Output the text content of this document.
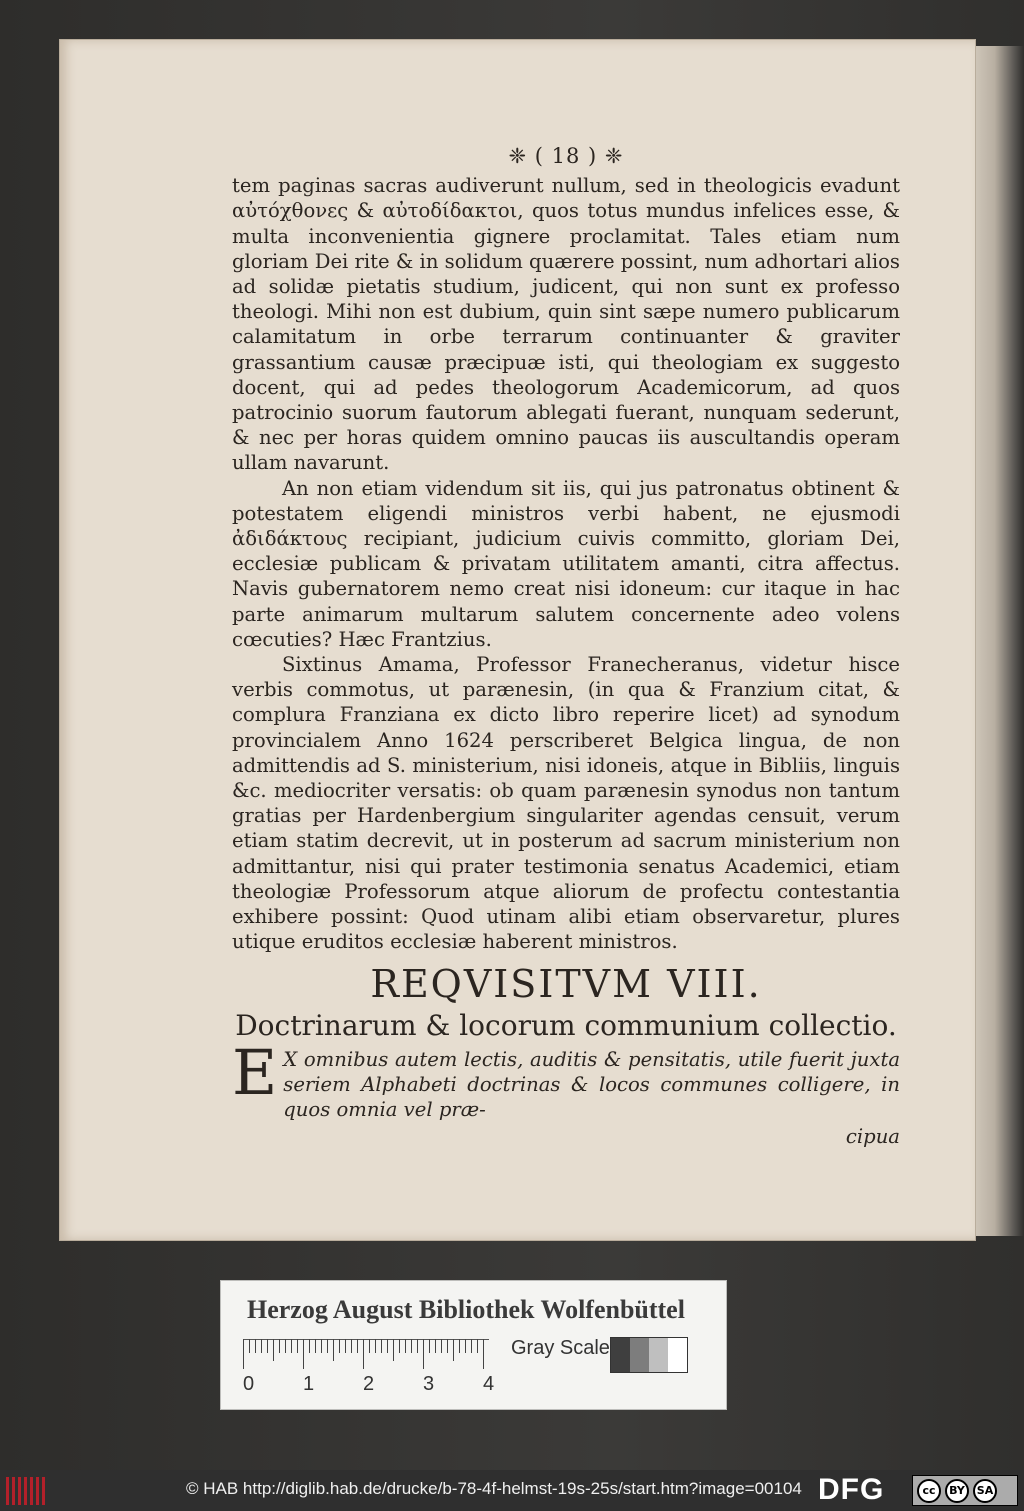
❈ ( 18 ) ❈

tem paginas sacras audiverunt nullum, sed in theologicis evadunt αὐτόχθονες & αὐτοδίδακτοι, quos totus mundus infelices esse, & multa inconvenientia gignere proclamitat. Tales etiam num gloriam Dei rite & in solidum quærere possint, num adhortari alios ad solidæ pietatis studium, judicent, qui non sunt ex professo theologi. Mihi non est dubium, quin sint sæpe numero publicarum calamitatum in orbe terrarum continuanter & graviter grassantium causæ præcipuæ isti, qui theologiam ex suggesto docent, qui ad pedes theologorum Academicorum, ad quos patrocinio suorum fautorum ablegati fuerant, nunquam sederunt, & nec per horas quidem omnino paucas iis auscultandis operam ullam navarunt.

An non etiam videndum sit iis, qui jus patronatus obtinent & potestatem eligendi ministros verbi habent, ne ejusmodi ἀδιδάκτους recipiant, judicium cuivis committo, gloriam Dei, ecclesiæ publicam & privatam utilitatem amanti, citra affectus. Navis gubernatorem nemo creat nisi idoneum: cur itaque in hac parte animarum multarum salutem concernente adeo volens cœcuties? Hæc Frantzius.

Sixtinus Amama, Professor Franecheranus, videtur hisce verbis commotus, ut parænesin, (in qua & Franzium citat, & complura Franziana ex dicto libro reperire licet) ad synodum provincialem Anno 1624 perscriberet Belgica lingua, de non admittendis ad S. ministerium, nisi idoneis, atque in Bibliis, linguis &c. mediocriter versatis: ob quam parænesin synodus non tantum gratias per Hardenbergium singulariter agendas censuit, verum etiam statim decrevit, ut in posterum ad sacrum ministerium non admittantur, nisi qui prater testimonia senatus Academici, etiam theologiæ Professorum atque aliorum de profectu contestantia exhibere possint: Quod utinam alibi etiam observaretur, plures utique eruditos ecclesiæ haberent ministros.

REQVISITVM VIII.
Doctrinarum & locorum communium collectio.
E X omnibus autem lectis, auditis & pensitatis, utile fuerit juxta seriem Alphabeti doctrinas & locos communes colligere, in quos omnia vel præ-
cipua
Herzog August Bibliothek Wolfenbüttel
0 1 2 3 4
Gray Scale
© HAB http://diglib.hab.de/drucke/b-78-4f-helmst-19s-25s/start.htm?image=00104 DFG	cc	BY	SA
